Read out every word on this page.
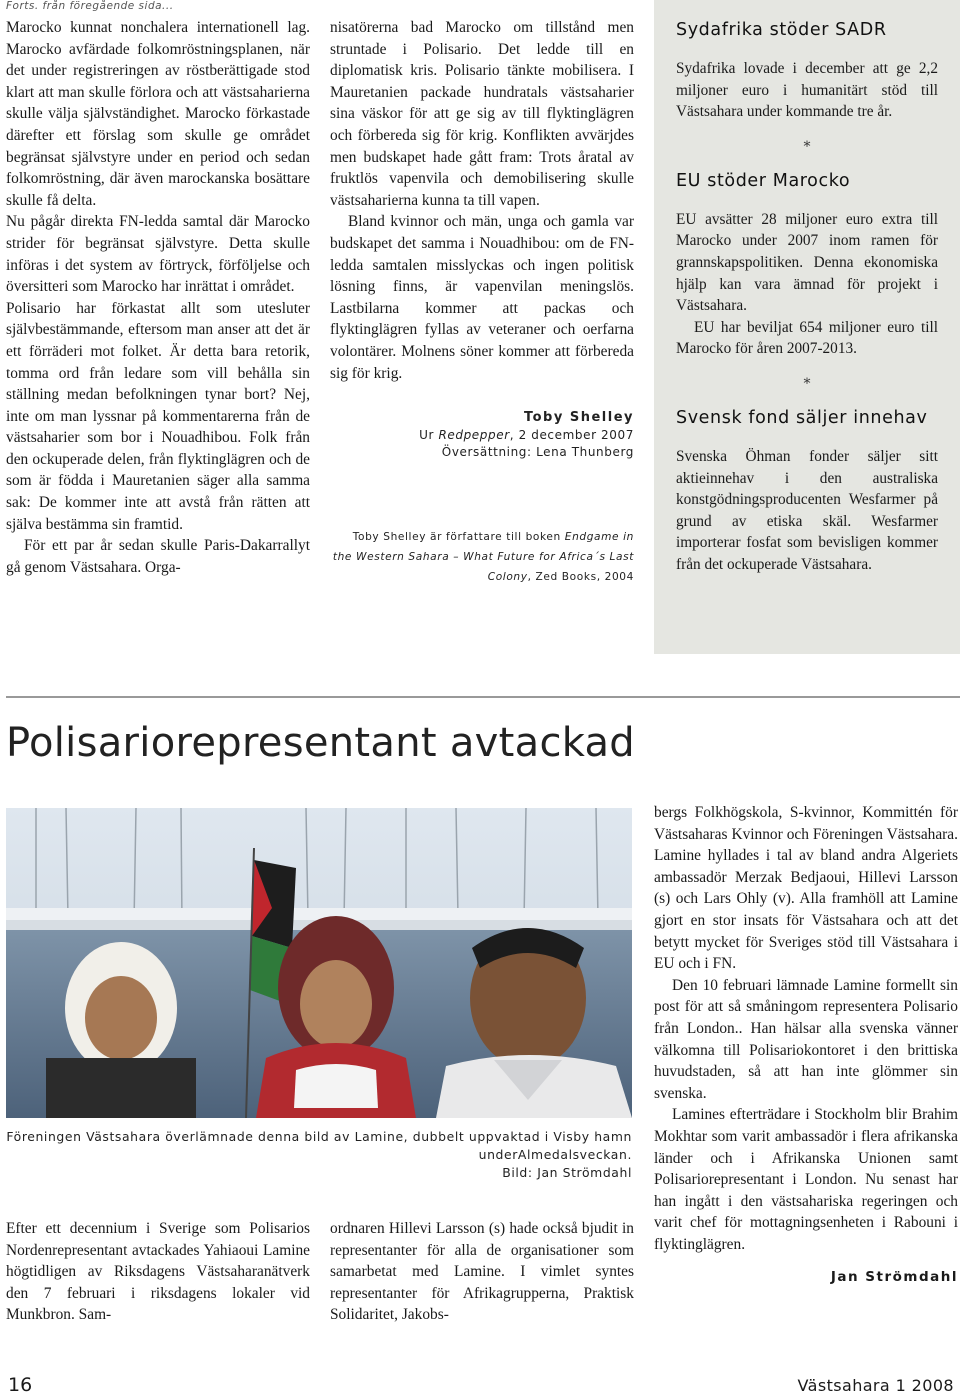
Forts. från föregående sida...

Marocko kunnat nonchalera internationell lag. Marocko avfärdade folkomröstningsplanen, när det under registreringen av röstberättigade stod klart att man skulle förlora och att västsaharierna skulle välja självständighet. Marocko förkastade därefter ett förslag som skulle ge området begränsat självstyre under en period och sedan folkomröstning, där även marockanska bosättare skulle få delta.

Nu pågår direkta FN-ledda samtal där Marocko strider för begränsat självstyre. Detta skulle införas i det system av förtryck, förföljelse och översitteri som Marocko har inrättat i området.

Polisario har förkastat allt som utesluter självbestämmande, eftersom man anser att det är ett förräderi mot folket. Är detta bara retorik, tomma ord från ledare som vill behålla sin ställning medan befolkningen tynar bort? Nej, inte om man lyssnar på kommentarerna från de västsaharier som bor i Nouadhibou. Folk från den ockuperade delen, från flyktinglägren och de som är födda i Mauretanien säger alla samma sak: De kommer inte att avstå från rätten att själva bestämma sin framtid.

För ett par år sedan skulle Paris-Dakarrallyt gå genom Västsahara. Orga-

nisatörerna bad Marocko om tillstånd men struntade i Polisario. Det ledde till en diplomatisk kris. Polisario tänkte mobilisera. I Mauretanien packade hundratals västsaharier sina väskor för att ge sig av till flyktinglägren och förbereda sig för krig. Konflikten avvärjdes men budskapet hade gått fram: Trots åratal av fruktlös vapenvila och demobilisering skulle västsaharierna kunna ta till vapen.

Bland kvinnor och män, unga och gamla var budskapet det samma i Nouadhibou: om de FN-ledda samtalen misslyckas och ingen politisk lösning finns, är vapenvilan meningslös. Lastbilarna kommer att packas och flyktinglägren fyllas av veteraner och oerfarna volontärer. Molnens söner kommer att förbereda sig för krig.

Toby Shelley
Ur Redpepper, 2 december 2007
Översättning: Lena Thunberg
Toby Shelley är författare till boken Endgame in the Western Sahara – What Future for Africa´s Last Colony, Zed Books, 2004
Sydafrika stöder SADR

Sydafrika lovade i december att ge 2,2 miljoner euro i humanitärt stöd till Västsahara under kommande tre år.

*
EU stöder Marocko

EU avsätter 28 miljoner euro extra till Marocko under 2007 inom ramen för grannskapspolitiken. Denna ekonomiska hjälp kan vara ämnad för projekt i Västsahara.

EU har beviljat 654 miljoner euro till Marocko för åren 2007-2013.

*
Svensk fond säljer innehav

Svenska Öhman fonder säljer sitt aktieinnehav i den australiska konstgödningsproducenten Wesfarmer på grund av etiska skäl. Wesfarmer importerar fosfat som bevisligen kommer från det ockuperade Västsahara.

Polisariorepresentant avtackad
Föreningen Västsahara överlämnade denna bild av Lamine, dubbelt uppvaktad i Visby hamn underAlmedalsveckan.
Bild: Jan Strömdahl

Efter ett decennium i Sverige som Polisarios Nordenrepresentant avtackades Yahiaoui Lamine högtidligen av Riksdagens Västsaharanätverk den 7 februari i riksdagens lokaler vid Munkbron. Sam-

ordnaren Hillevi Larsson (s) hade också bjudit in representanter för alla de organisationer som samarbetat med Lamine. I vimlet syntes representanter för Afrikagrupperna, Praktisk Solidaritet, Jakobs-

bergs Folkhögskola, S-kvinnor, Kommittén för Västsaharas Kvinnor och Föreningen Västsahara. Lamine hyllades i tal av bland andra Algeriets ambassadör Merzak Bedjaoui, Hillevi Larsson (s) och Lars Ohly (v). Alla framhöll att Lamine gjort en stor insats för Västsahara och att det betytt mycket för Sveriges stöd till Västsahara i EU och i FN.

Den 10 februari lämnade Lamine formellt sin post för att så småningom representera Polisario från London.. Han hälsar alla svenska vänner välkomna till Polisariokontoret i den brittiska huvudstaden, så att han inte glömmer sin svenska.

Lamines efterträdare i Stockholm blir Brahim Mokhtar som varit ambassadör i flera afrikanska länder och i Afrikanska Unionen samt Polisariorepresentant i London. Nu senast har han ingått i den västsahariska regeringen och varit chef för mottagningsenheten i Rabouni i flyktinglägren.

Jan Strömdahl
16	Västsahara 1 2008
